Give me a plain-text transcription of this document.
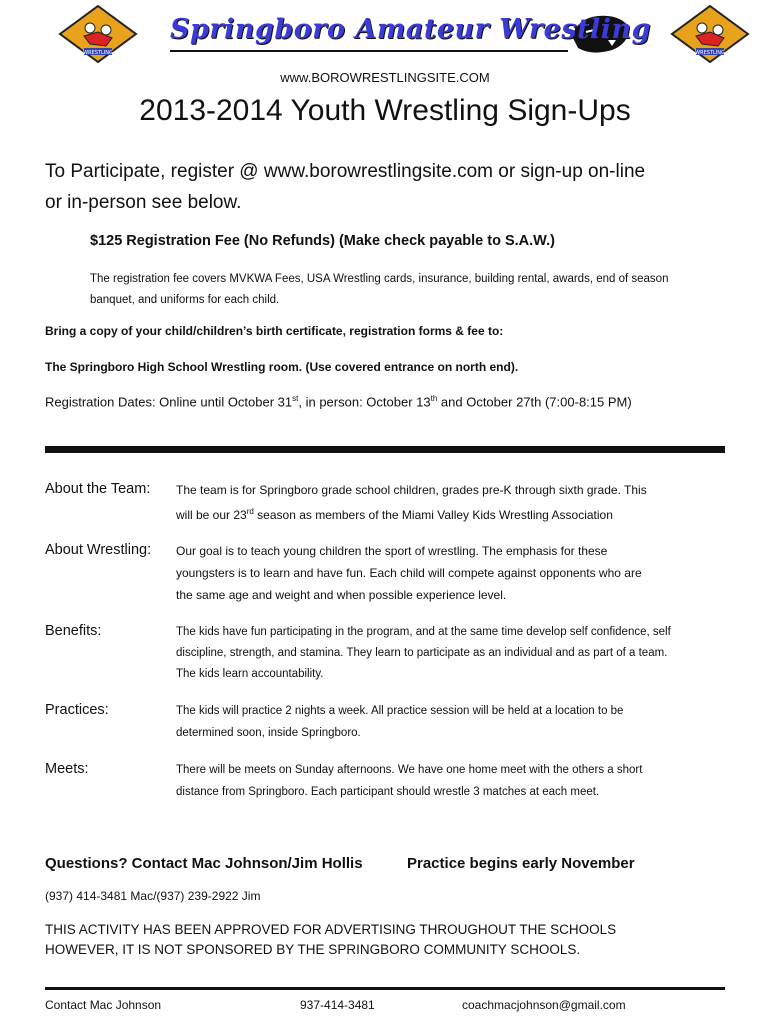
WRESTLING	WRESTLING
Springboro Amateur Wrestling
www.BOROWRESTLINGSITE.COM
2013-2014 Youth Wrestling Sign-Ups
To Participate, register @ www.borowrestlingsite.com or sign-up on-line
or in-person see below.
$125 Registration Fee (No Refunds) (Make check payable to S.A.W.)
The registration fee covers MVKWA Fees, USA Wrestling cards, insurance, building rental, awards, end of season
banquet, and uniforms for each child.
Bring a copy of your child/children’s birth certificate, registration forms & fee to:
The Springboro High School Wrestling room. (Use covered entrance on north end).
Registration Dates: Online until October 31st, in person: October 13th and October 27th (7:00-8:15 PM)
About the Team: The team is for Springboro grade school children, grades pre-K through sixth grade. This
will be our 23rd season as members of the Miami Valley Kids Wrestling Association
About Wrestling: Our goal is to teach young children the sport of wrestling. The emphasis for these
youngsters is to learn and have fun. Each child will compete against opponents who are
the same age and weight and when possible experience level.
Benefits:	The kids have fun participating in the program, and at the same time develop self confidence, self
discipline, strength, and stamina. They learn to participate as an individual and as part of a team.
The kids learn accountability.
Practices:	The kids will practice 2 nights a week. All practice session will be held at a location to be
determined soon, inside Springboro.
Meets:	There will be meets on Sunday afternoons. We have one home meet with the others a short
distance from Springboro. Each participant should wrestle 3 matches at each meet.
Questions? Contact Mac Johnson/Jim Hollis	Practice begins early November
(937) 414-3481 Mac/(937) 239-2922 Jim
THIS ACTIVITY HAS BEEN APPROVED FOR ADVERTISING THROUGHOUT THE SCHOOLS
HOWEVER, IT IS NOT SPONSORED BY THE SPRINGBORO COMMUNITY SCHOOLS.
Contact Mac Johnson	937-414-3481	coachmacjohnson@gmail.com
